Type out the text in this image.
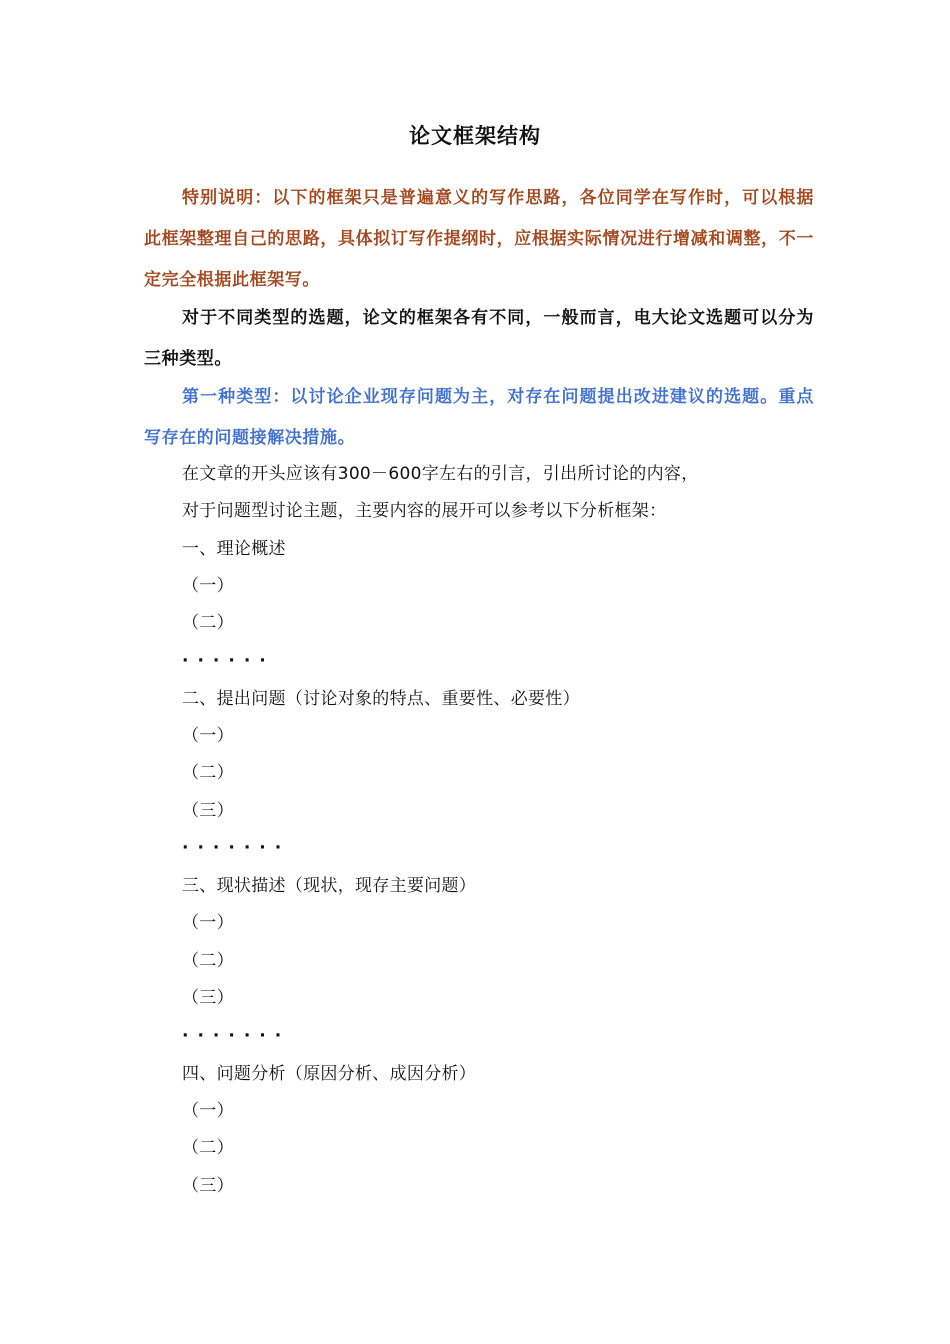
论文框架结构
特别说明：以下的框架只是普遍意义的写作思路，各位同学在写作时，可以根据此框架整理自己的思路，具体拟订写作提纲时，应根据实际情况进行增减和调整，不一定完全根据此框架写。
对于不同类型的选题，论文的框架各有不同，一般而言，电大论文选题可以分为三种类型。
第一种类型：以讨论企业现存问题为主，对存在问题提出改进建议的选题。重点写存在的问题接解决措施。
在文章的开头应该有300－600字左右的引言，引出所讨论的内容，
对于问题型讨论主题，主要内容的展开可以参考以下分析框架：
一、理论概述
（一）
（二）
······
二、提出问题（讨论对象的特点、重要性、必要性）
（一）
（二）
（三）
·······
三、现状描述（现状，现存主要问题）
（一）
（二）
（三）
·······
四、问题分析（原因分析、成因分析）
（一）
（二）
（三）
